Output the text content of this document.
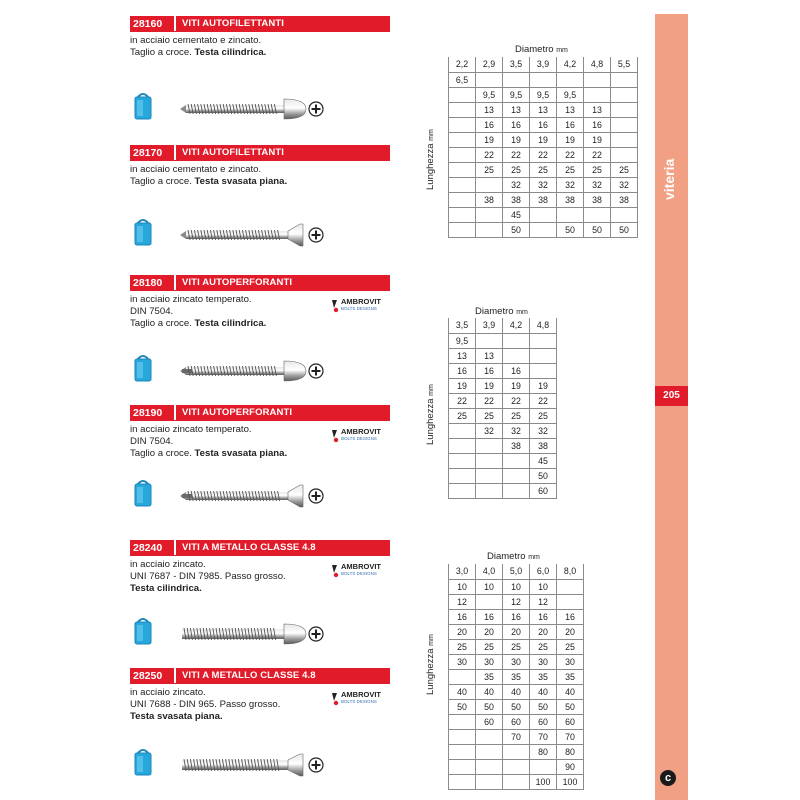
viteria
205
c
28160	VITI AUTOFILETTANTI
in acciaio cementato e zincato.
Taglio a croce. Testa cilindrica.
28170	VITI AUTOFILETTANTI
in acciaio cementato e zincato.
Taglio a croce. Testa svasata piana.
28180	VITI AUTOPERFORANTI
in acciaio zincato temperato.
DIN 7504.
Taglio a croce. Testa cilindrica.
AMBROVIT
BOLTS DESIGNS
28190	VITI AUTOPERFORANTI
in acciaio zincato temperato.
DIN 7504.
Taglio a croce. Testa svasata piana.
AMBROVIT
BOLTS DESIGNS
28240	VITI A METALLO CLASSE 4.8
in acciaio zincato.
UNI 7687 - DIN 7985. Passo grosso.
Testa cilindrica.
AMBROVIT
BOLTS DESIGNS
28250	VITI A METALLO CLASSE 4.8
in acciaio zincato.
UNI 7688 - DIN 965. Passo grosso.
Testa svasata piana.
AMBROVIT
BOLTS DESIGNS
Diametro mm
Lunghezza mm
2,2	2,9	3,5	3,9	4,2	4,8	5,5
6,5						
	9,5	9,5	9,5	9,5		
	13	13	13	13	13	
	16	16	16	16	16	
	19	19	19	19	19	
	22	22	22	22	22	
	25	25	25	25	25	25
		32	32	32	32	32
	38	38	38	38	38	38
		45				
		50		50	50	50
Diametro mm
Lunghezza mm
3,5	3,9	4,2	4,8
9,5			
13	13		
16	16	16	
19	19	19	19
22	22	22	22
25	25	25	25
	32	32	32
		38	38
			45
			50
			60
Diametro mm
Lunghezza mm
3,0	4,0	5,0	6,0	8,0
10	10	10	10	
12		12	12	
16	16	16	16	16
20	20	20	20	20
25	25	25	25	25
30	30	30	30	30
	35	35	35	35
40	40	40	40	40
50	50	50	50	50
	60	60	60	60
		70	70	70
			80	80
				90
			100	100
